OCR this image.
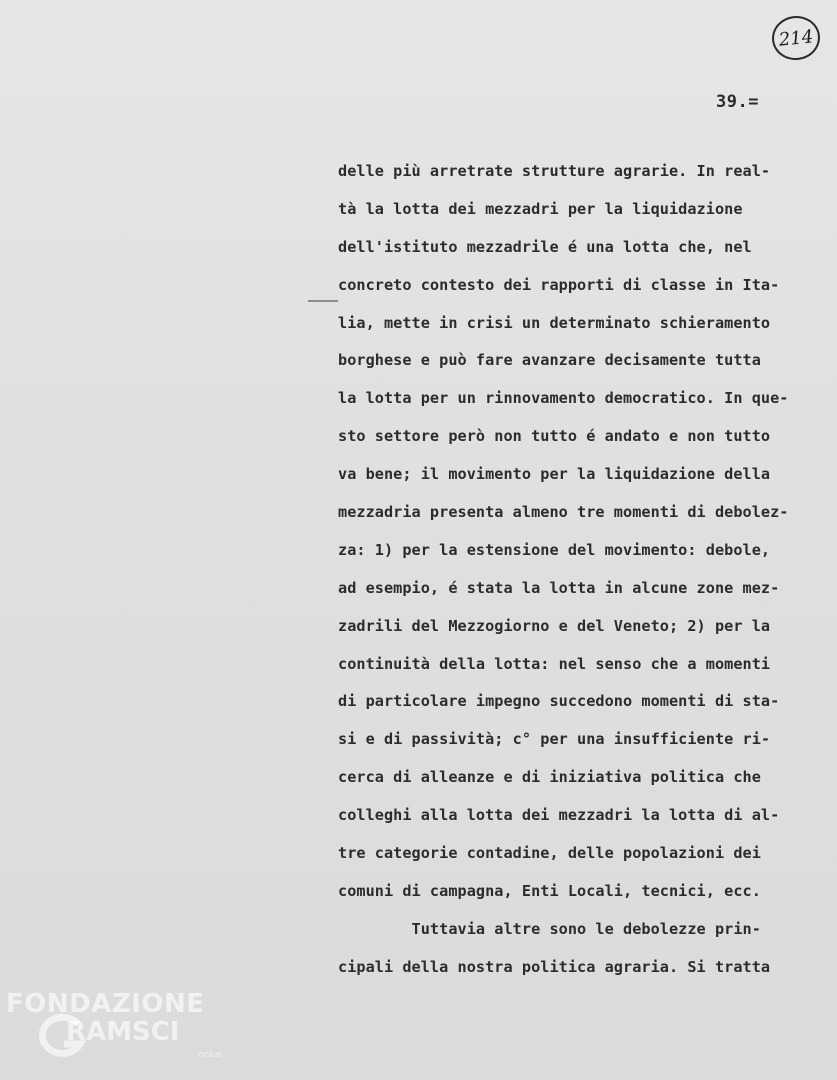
214
39.=
delle più arretrate strutture agrarie. In real-
tà la lotta dei mezzadri per la liquidazione
dell'istituto mezzadrile é una lotta che, nel
concreto contesto dei rapporti di classe in Ita-
lia, mette in crisi un determinato schieramento
borghese e può fare avanzare decisamente tutta
la lotta per un rinnovamento democratico. In que-
sto settore però non tutto é andato e non tutto
va bene; il movimento per la liquidazione della
mezzadria presenta almeno tre momenti di debolez-
za: 1) per la estensione del movimento: debole,
ad esempio, é stata la lotta in alcune zone mez-
zadrili del Mezzogiorno e del Veneto; 2) per la
continuità della lotta: nel senso che a momenti
di particolare impegno succedono momenti di sta-
si e di passività; c° per una insufficiente ri-
cerca di alleanze e di iniziativa politica che
colleghi alla lotta dei mezzadri la lotta di al-
tre categorie contadine, delle popolazioni dei
comuni di campagna, Enti Locali, tecnici, ecc.
Tuttavia altre sono le debolezze prin-
cipali della nostra politica agraria. Si tratta
FONDAZIONE
RAMSCI
onlus
